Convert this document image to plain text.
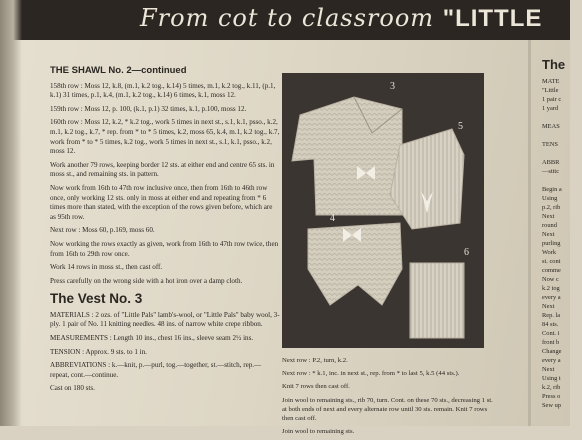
From cot to classroom "LITTLE
THE SHAWL No. 2—continued
158th row : Moss 12, k.8, (m.1, k.2 tog., k.14) 5 times, m.1, k.2 tog., k.11, (p.1, k.1) 31 times, p.1, k.4, (m.1, k.2 tog., k.14) 6 times, k.1, moss 12.
159th row : Moss 12, p. 100, (k.1, p.1) 32 times, k.1, p.100, moss 12.
160th row : Moss 12, k.2, * k.2 tog., work 5 times in next st., s.1, k.1, psso., k.2, m.1, k.2 tog., k.7, * rep. from * to * 5 times, k.2, moss 65, k.4, m.1, k.2 tog., k.7, work from * to * 5 times, k.2 tog., work 5 times in next st., s.1, k.1, psso., k.2, moss 12.
Work another 79 rows, keeping border 12 sts. at either end and centre 65 sts. in moss st., and remaining sts. in pattern.
Now work from 16th to 47th row inclusive once, then from 16th to 46th row once, only working 12 sts. only in moss at either end and repeating from * 6 times more than stated, with the exception of the rows given before, which are as 95th row.
Next row : Moss 60, p.169, moss 60.
Now working the rows exactly as given, work from 16th to 47th row twice, then from 16th to 29th row once.
Work 14 rows in moss st., then cast off.
Press carefully on the wrong side with a hot iron over a damp cloth.
The Vest No. 3
MATERIALS : 2 ozs. of "Little Pals" lamb's-wool, or "Little Pals" baby wool, 3-ply. 1 pair of No. 11 knitting needles. 48 ins. of narrow white crepe ribbon.
MEASUREMENTS : Length 10 ins., chest 16 ins., sleeve seam 2½ ins.
TENSION : Approx. 9 sts. to 1 in.
ABBREVIATIONS : k.—knit, p.—purl, tog.—together, st.—stitch, rep.—repeat, cont.—continue.
Cast on 180 sts.
3
5
4
6
Next row : P.2, turn, k.2.
Next row : * k.1, inc. in next st., rep. from * to last 5, k.5 (44 sts.).
Knit 7 rows then cast off.
Join wool to remaining sts., rib 70, turn. Cont. on these 70 sts., decreasing 1 st. at both ends of next and every alternate row until 30 sts. remain. Knit 7 rows then cast off.
Join wool to remaining sts.
The
MATE
"Little
1 pair c
1 yard
MEAS
TENS
ABBR
—stitc
Begin a
Using
p.2, rib
Next
round
Next
purling
Work
st. cont
comme
Now c
k.2 tog
every a
Next
Rep. la
84 sts.
Cont. i
front b
Change
every a
Next
Using t
k.2, rib
Press o
Sew up
